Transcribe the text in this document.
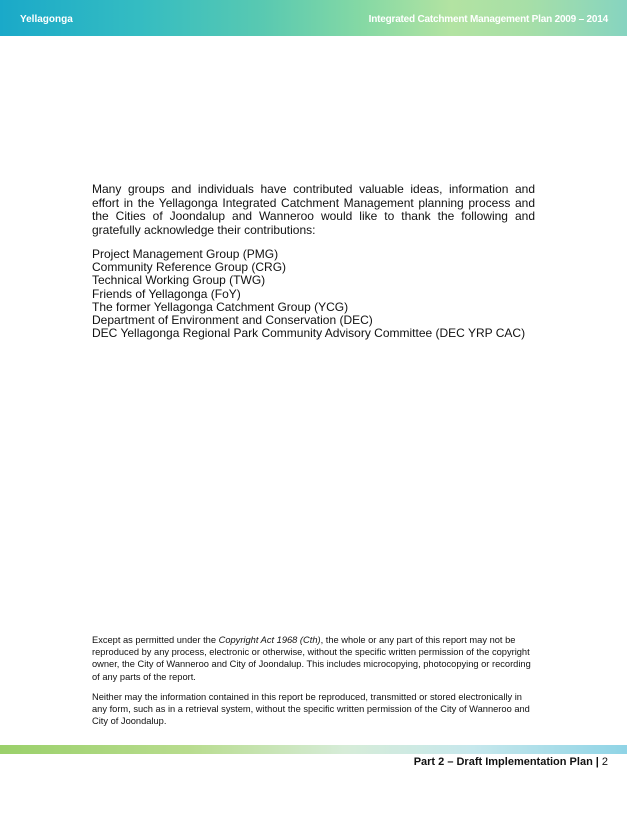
Yellagonga	Integrated Catchment Management Plan 2009 – 2014

Many groups and individuals have contributed valuable ideas, information and effort in the Yellagonga Integrated Catchment Management planning process and the Cities of Joondalup and Wanneroo would like to thank the following and gratefully acknowledge their contributions:

Project Management Group (PMG)
Community Reference Group (CRG)
Technical Working Group (TWG)
Friends of Yellagonga (FoY)
The former Yellagonga Catchment Group (YCG)
Department of Environment and Conservation (DEC)
DEC Yellagonga Regional Park Community Advisory Committee (DEC YRP CAC)

Except as permitted under the Copyright Act 1968 (Cth), the whole or any part of this report may not be reproduced by any process, electronic or otherwise, without the specific written permission of the copyright owner, the City of Wanneroo and City of Joondalup. This includes microcopying, photocopying or recording of any parts of the report.

Neither may the information contained in this report be reproduced, transmitted or stored electronically in any form, such as in a retrieval system, without the specific written permission of the City of Wanneroo and City of Joondalup.

Part 2 – Draft Implementation Plan | 2
